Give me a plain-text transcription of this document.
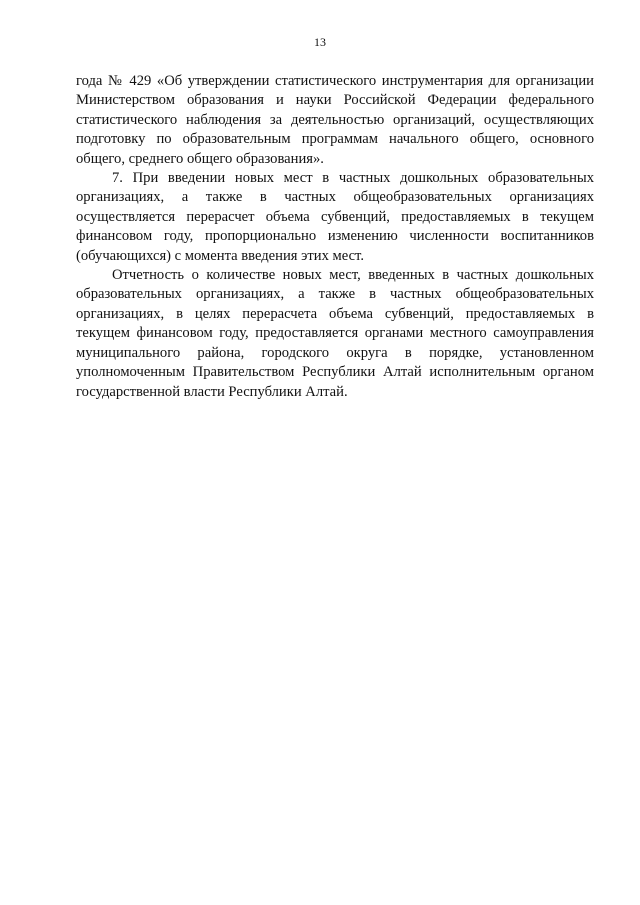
13

года № 429 «Об утверждении статистического инструментария для организации Министерством образования и науки Российской Федерации федерального статистического наблюдения за деятельностью организаций, осуществляющих подготовку по образовательным программам начального общего, основного общего, среднего общего образования».

7. При введении новых мест в частных дошкольных образовательных организациях, а также в частных общеобразовательных организациях осуществляется перерасчет объема субвенций, предоставляемых в текущем финансовом году, пропорционально изменению численности воспитанников (обучающихся) с момента введения этих мест.

Отчетность о количестве новых мест, введенных в частных дошкольных образовательных организациях, а также в частных общеобразовательных организациях, в целях перерасчета объема субвенций, предоставляемых в текущем финансовом году, предоставляется органами местного самоуправления муниципального района, городского округа в порядке, установленном уполномоченным Правительством Республики Алтай исполнительным органом государственной власти Республики Алтай.
